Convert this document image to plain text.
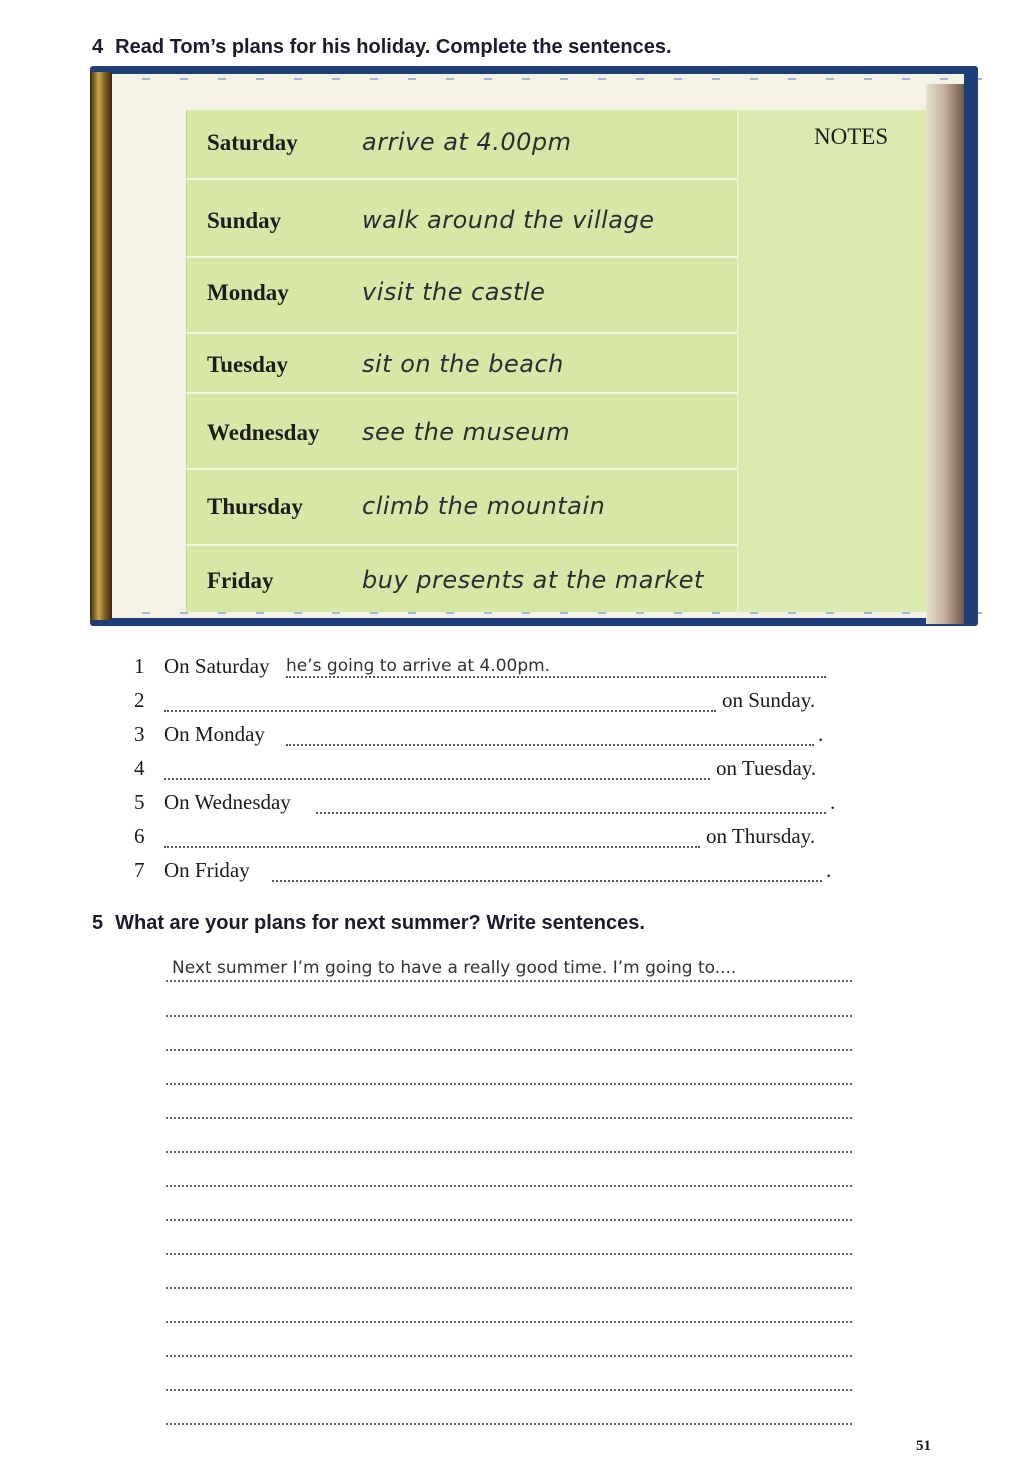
4 Read Tom’s plans for his holiday. Complete the sentences.
Saturday	arrive at 4.00pm
Sunday	walk around the village
Monday	visit the castle
Tuesday	sit on the beach
Wednesday see the museum
Thursday climb the mountain
Friday	buy presents at the market
NOTES
1 On Saturday he’s going to arrive at 4.00pm.
2	on Sunday.
3 On Monday	.
4	on Tuesday.
5 On Wednesday	.
6	on Thursday.
7 On Friday	.
5 What are your plans for next summer? Write sentences.
Next summer I’m going to have a really good time. I’m going to....
51
